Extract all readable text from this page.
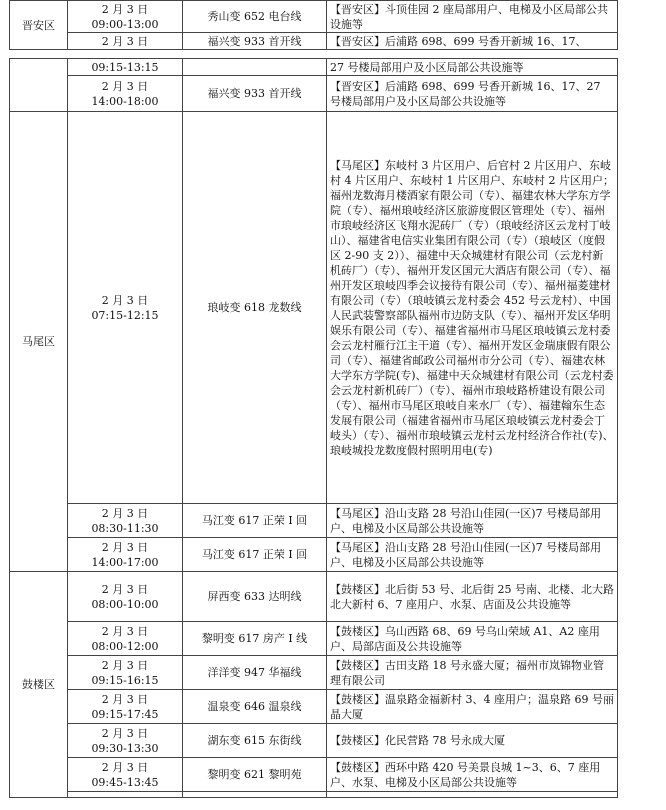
晋安区	2 月 3 日
09:00-13:00	秀山变 652 电台线	【晋安区】斗顶佳园 2 座局部用户、电梯及小区局部公共设施等

	2 月 3 日	福兴变 933 首开线	【晋安区】后浦路 698、699 号香开新城 16、17、
	09:15-13:15		27 号楼局部用户及小区局部公共设施等

	2 月 3 日
14:00-18:00	福兴变 933 首开线	【晋安区】后浦路 698、699 号香开新城 16、17、27 号楼局部用户及小区局部公共设施等
马尾区	2 月 3 日
07:15-12:15	琅岐变 618 龙数线	【马尾区】东岐村 3 片区用户、后官村 2 片区用户、东岐村 4 片区用户、东岐村 1 片区用户、东岐村 2 片区用户；福州龙数海月楼酒家有限公司（专）、福建农林大学东方学院（专）、福州琅岐经济区旅游度假区管理处（专）、福州市琅岐经济区飞翔水泥砖厂（专）（琅岐经济区云龙村丁岐山）、福建省电信实业集团有限公司（专）（琅岐区（度假区 2-90 支 2））、福建中天众城建材有限公司（云龙村新机砖厂）（专）、福州开发区国元大酒店有限公司（专）、福州开发区琅岐四季会议接待有限公司（专）、福州福菱建材有限公司（专）（琅岐镇云龙村委会 452 号云龙村）、中国人民武装警察部队福州市边防支队（专）、福州开发区华明娱乐有限公司（专）、福建省福州市马尾区琅岐镇云龙村委会云龙村雁行江主干道（专）、福州开发区金瑞康假有限公司（专）、福建省邮政公司福州市分公司（专）、福建农林大学东方学院(专)、福建中天众城建材有限公司（云龙村委会云龙村新机砖厂）（专）、福州市琅岐路桥建设有限公司（专）、福州市马尾区琅岐自来水厂（专）、福建翰东生态发展有限公司（福建省福州市马尾区琅岐镇云龙村委会丁岐头）（专）、福州市琅岐镇云龙村云龙村经济合作社(专)、琅岐城投龙数度假村照明用电(专)

	2 月 3 日
08:30-11:30	马江变 617 正荣 I 回	【马尾区】沿山支路 28 号沿山佳园(一区)7 号楼局部用户、电梯及小区局部公共设施等

	2 月 3 日
14:00-17:00	马江变 617 正荣 I 回	【马尾区】沿山支路 28 号沿山佳园(一区)7 号楼局部用户、电梯及小区局部公共设施等
鼓楼区	2 月 3 日
08:00-10:00	屏西变 633 达明线	【鼓楼区】北后街 53 号、北后街 25 号南、北楼、北大路北大新村 6、7 座用户、水泵、店面及公共设施等

	2 月 3 日
08:00-12:00	黎明变 617 房产 I 线	【鼓楼区】乌山西路 68、69 号乌山荣域 A1、A2 座用户、局部店面及公共设施等

	2 月 3 日
09:15-16:15	洋洋变 947 华福线	【鼓楼区】古田支路 18 号永盛大厦；福州市岚锦物业管理有限公司

	2 月 3 日
09:15-17:45	温泉变 646 温泉线	【鼓楼区】温泉路金福新村 3、4 座用户；温泉路 69 号丽晶大厦

	2 月 3 日
09:30-13:30	湖东变 615 东街线	【鼓楼区】化民营路 78 号永成大厦

	2 月 3 日
09:45-13:45	黎明变 621 黎明苑	【鼓楼区】西环中路 420 号美景良城 1~3、6、7 座用户、水泵、电梯及小区局部公共设施等
